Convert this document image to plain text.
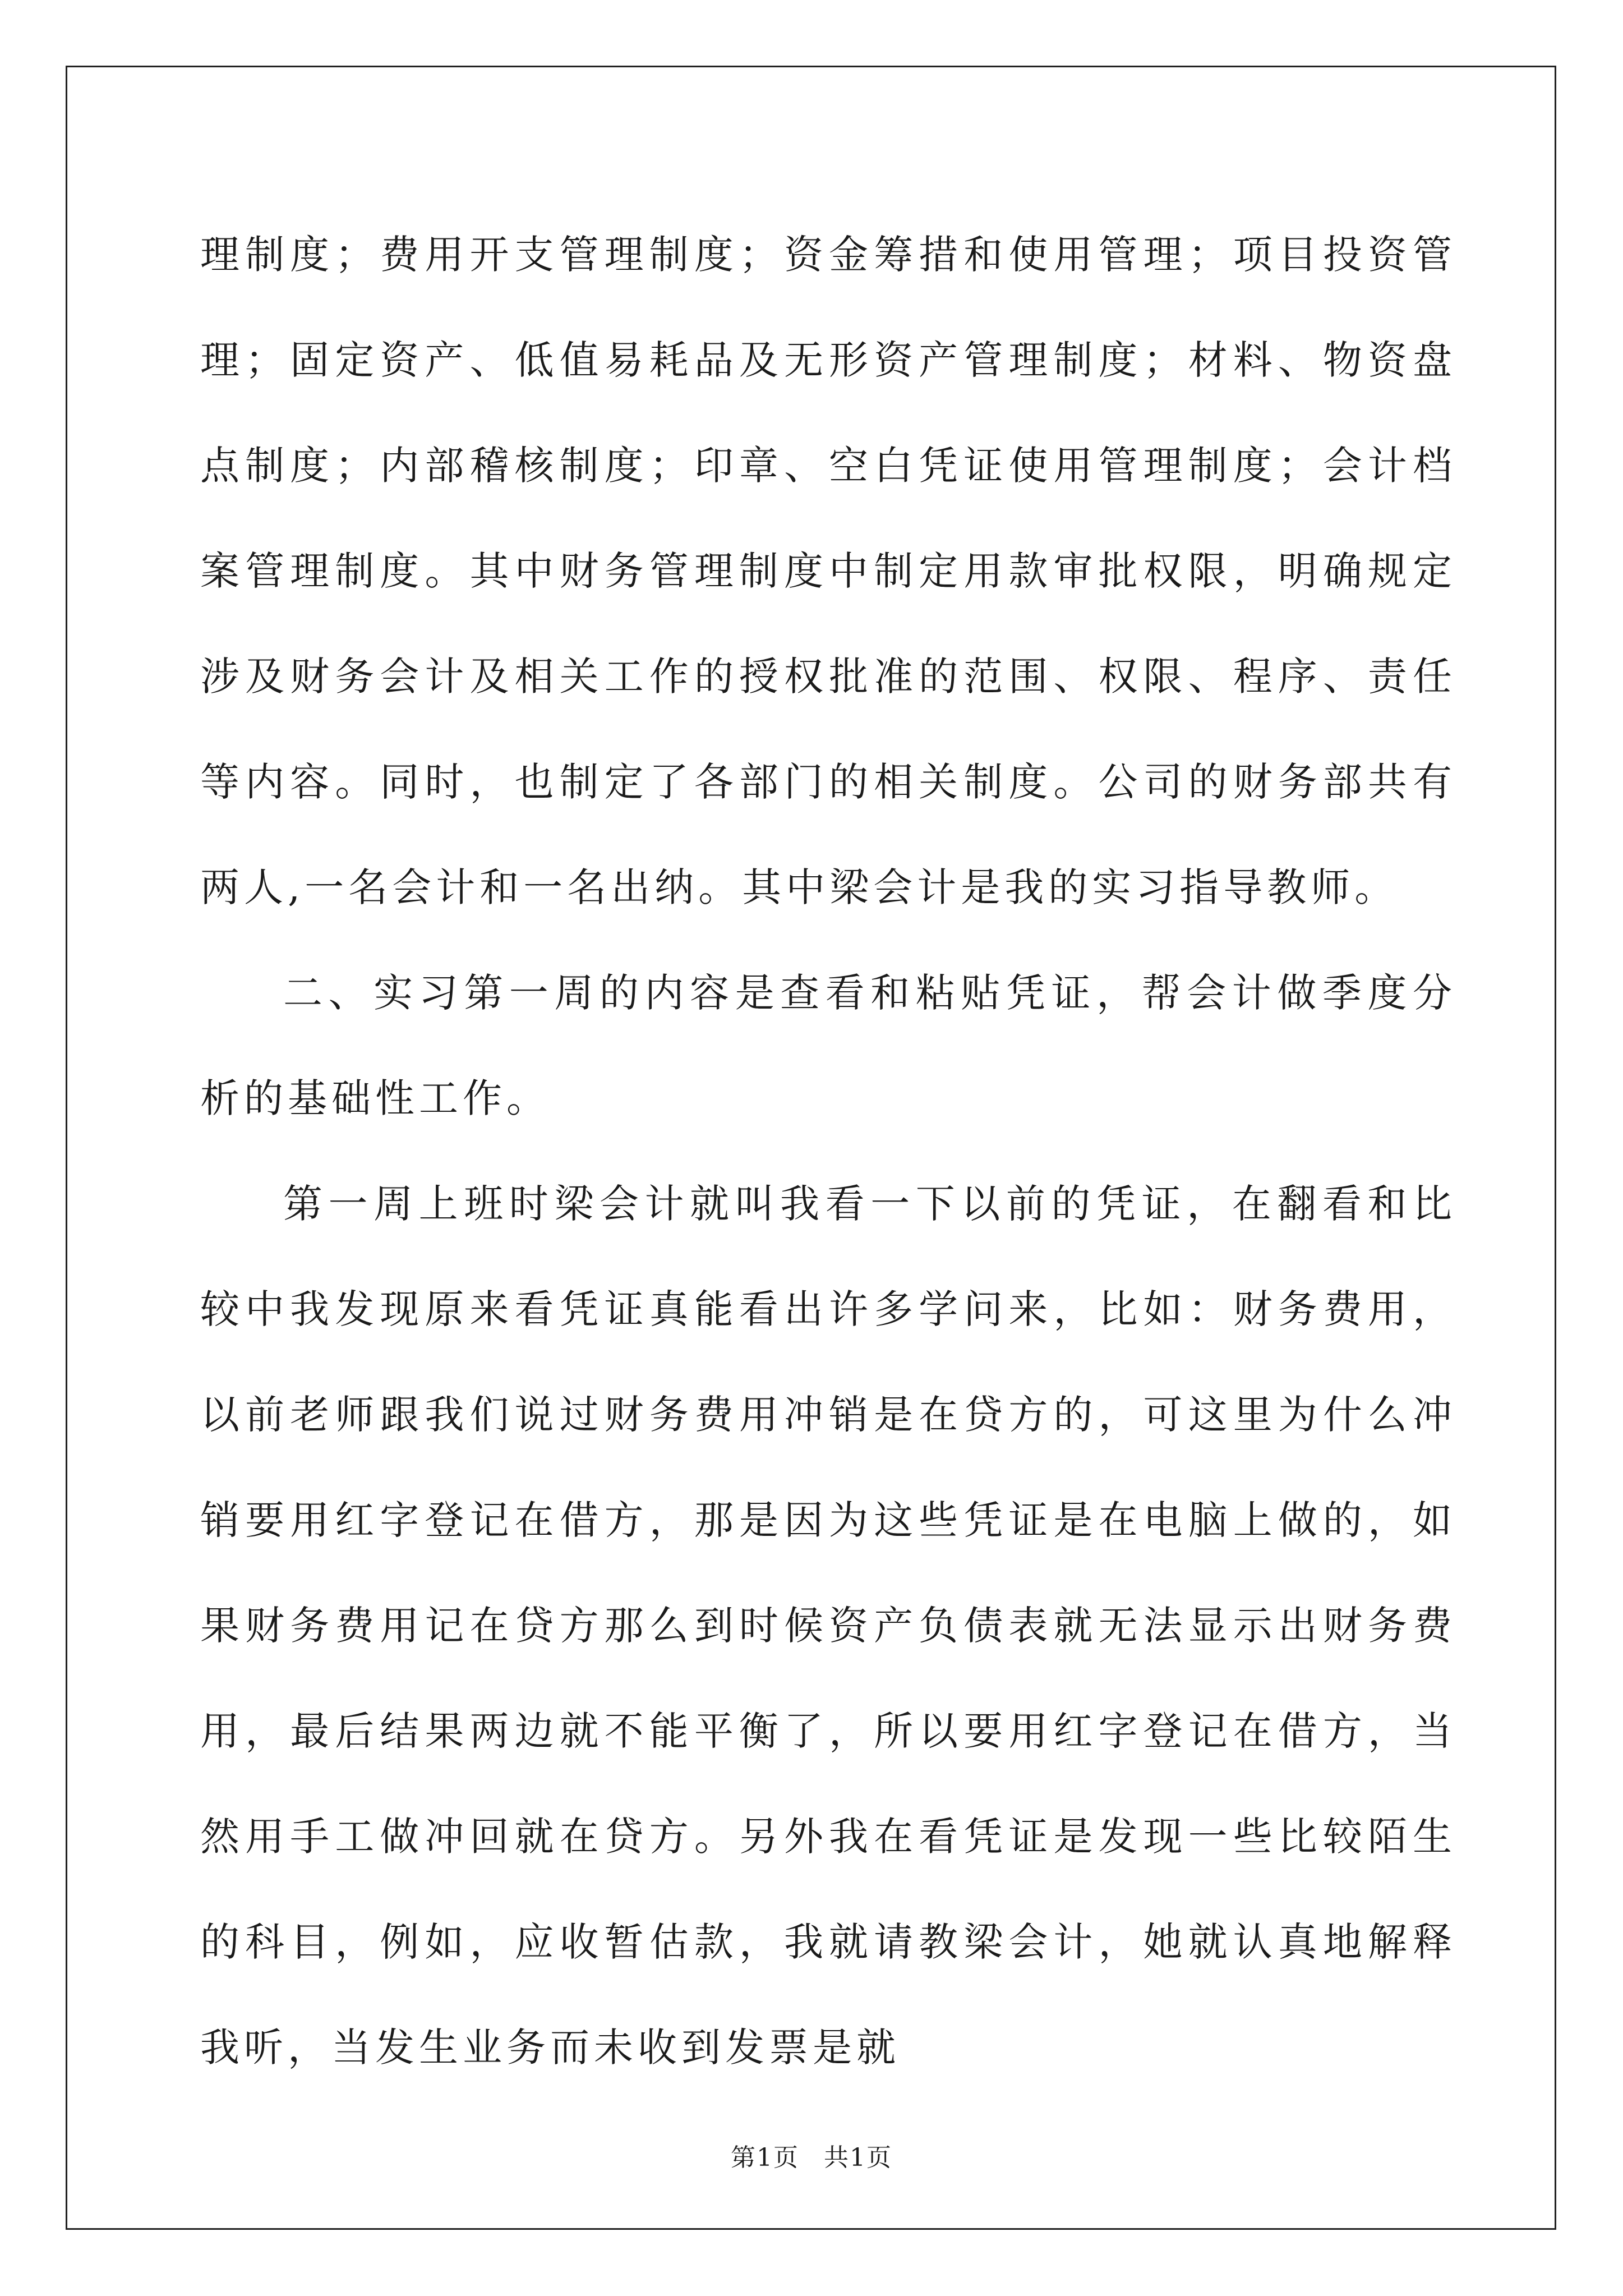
理制度；费用开支管理制度；资金筹措和使用管理；项目投资管理；固定资产、低值易耗品及无形资产管理制度；材料、物资盘点制度；内部稽核制度；印章、空白凭证使用管理制度；会计档案管理制度。其中财务管理制度中制定用款审批权限，明确规定涉及财务会计及相关工作的授权批准的范围、权限、程序、责任等内容。同时，也制定了各部门的相关制度。公司的财务部共有两人,一名会计和一名出纳。其中梁会计是我的实习指导教师。

二、实习第一周的内容是查看和粘贴凭证，帮会计做季度分析的基础性工作。

第一周上班时梁会计就叫我看一下以前的凭证，在翻看和比较中我发现原来看凭证真能看出许多学问来，比如：财务费用，以前老师跟我们说过财务费用冲销是在贷方的，可这里为什么冲销要用红字登记在借方，那是因为这些凭证是在电脑上做的，如果财务费用记在贷方那么到时候资产负债表就无法显示出财务费用，最后结果两边就不能平衡了，所以要用红字登记在借方，当然用手工做冲回就在贷方。另外我在看凭证是发现一些比较陌生的科目，例如，应收暂估款，我就请教梁会计，她就认真地解释我听，当发生业务而未收到发票是就

第1页 共1页
